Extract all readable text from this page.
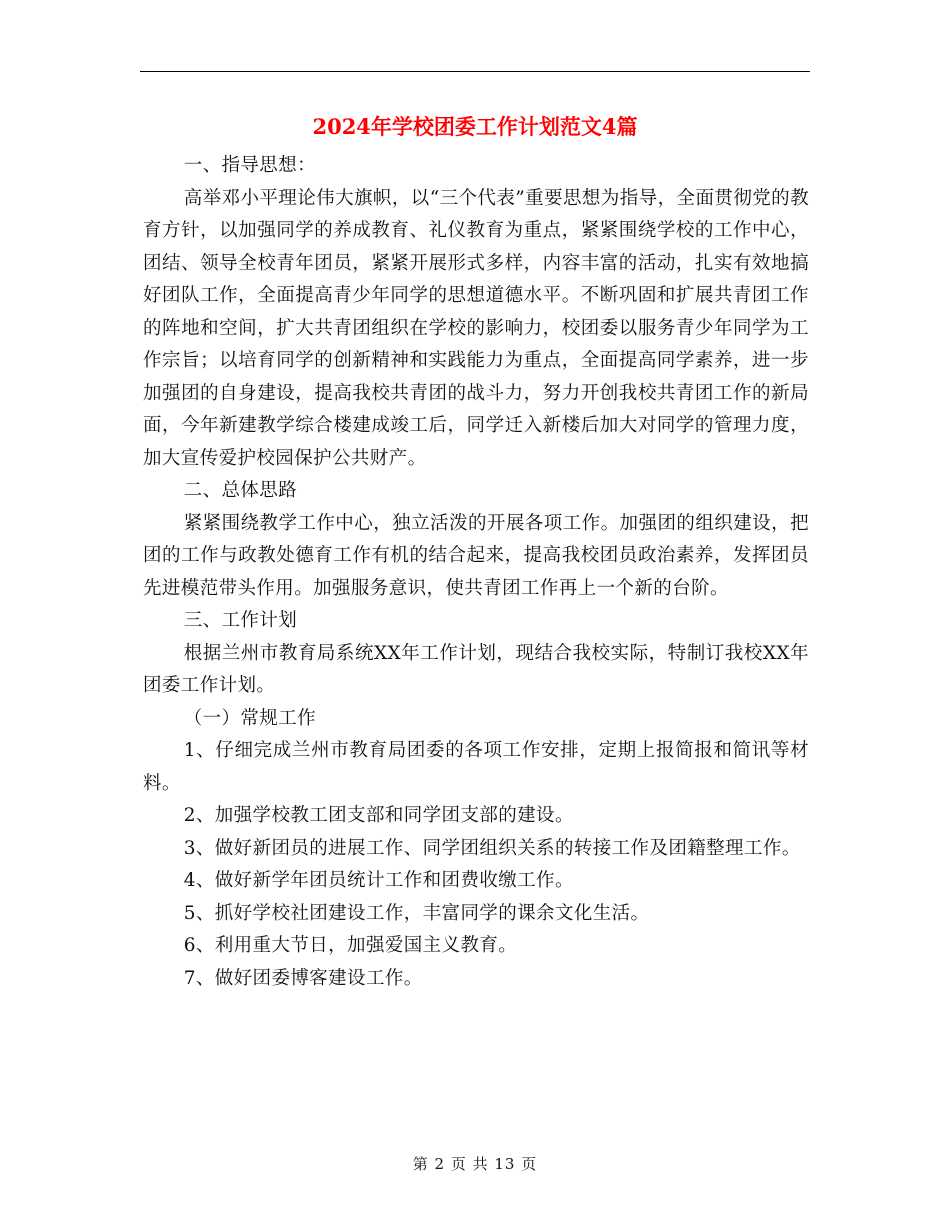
2024年学校团委工作计划范文4篇

一、指导思想：

高举邓小平理论伟大旗帜，以“三个代表”重要思想为指导，全面贯彻党的教育方针，以加强同学的养成教育、礼仪教育为重点，紧紧围绕学校的工作中心，团结、领导全校青年团员，紧紧开展形式多样，内容丰富的活动，扎实有效地搞好团队工作，全面提高青少年同学的思想道德水平。不断巩固和扩展共青团工作的阵地和空间，扩大共青团组织在学校的影响力，校团委以服务青少年同学为工作宗旨；以培育同学的创新精神和实践能力为重点，全面提高同学素养，进一步加强团的自身建设，提高我校共青团的战斗力，努力开创我校共青团工作的新局面，今年新建教学综合楼建成竣工后，同学迁入新楼后加大对同学的管理力度，加大宣传爱护校园保护公共财产。

二、总体思路

紧紧围绕教学工作中心，独立活泼的开展各项工作。加强团的组织建设，把团的工作与政教处德育工作有机的结合起来，提高我校团员政治素养，发挥团员先进模范带头作用。加强服务意识，使共青团工作再上一个新的台阶。

三、工作计划

根据兰州市教育局系统XX年工作计划，现结合我校实际，特制订我校XX年团委工作计划。

（一）常规工作

1、仔细完成兰州市教育局团委的各项工作安排，定期上报简报和简讯等材料。

2、加强学校教工团支部和同学团支部的建设。

3、做好新团员的进展工作、同学团组织关系的转接工作及团籍整理工作。

4、做好新学年团员统计工作和团费收缴工作。

5、抓好学校社团建设工作，丰富同学的课余文化生活。

6、利用重大节日，加强爱国主义教育。

7、做好团委博客建设工作。

第 2 页 共 13 页
